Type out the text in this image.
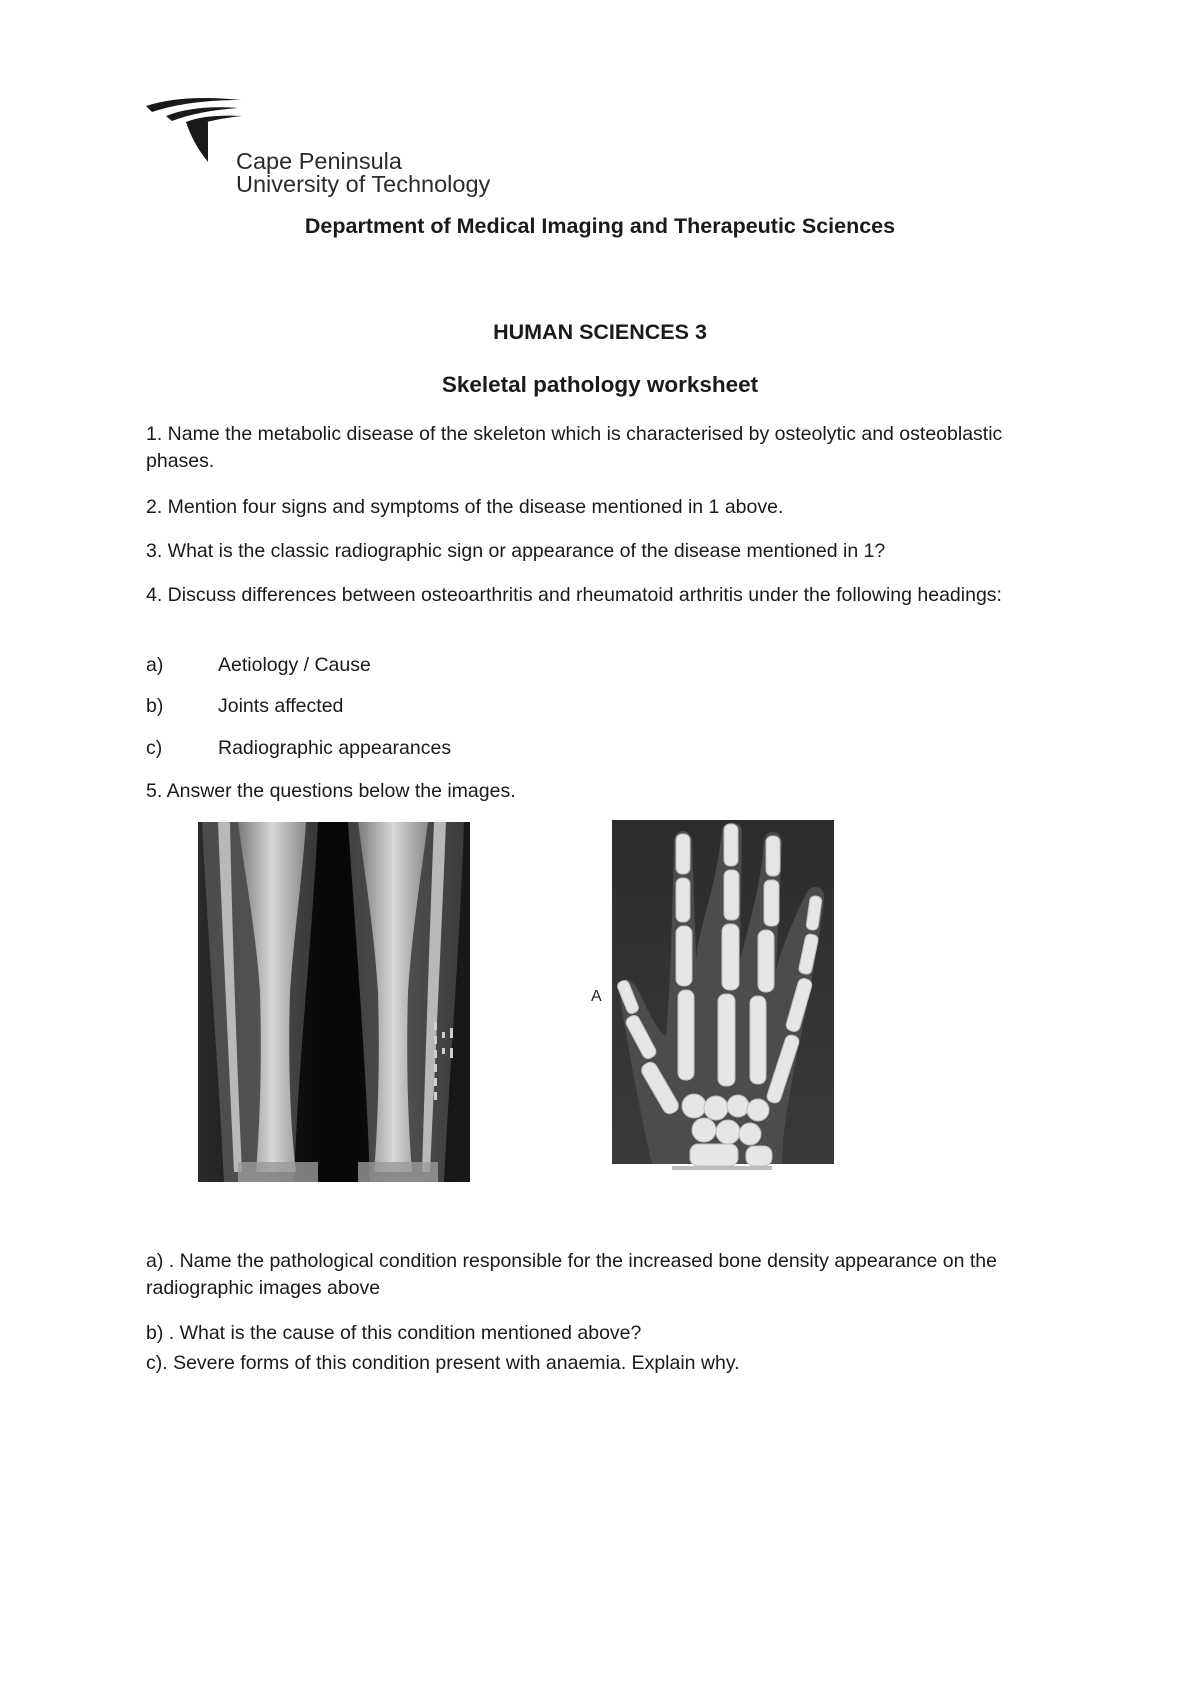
Cape Peninsula
University of Technology
Department of Medical Imaging and Therapeutic Sciences
HUMAN SCIENCES 3
Skeletal pathology worksheet
1. Name the metabolic disease of the skeleton which is characterised by osteolytic and osteoblastic phases.
2. Mention four signs and symptoms of the disease mentioned in 1 above.
3. What is the classic radiographic sign or appearance of the disease mentioned in 1?
4. Discuss differences between osteoarthritis and rheumatoid arthritis under the following headings:
a)	Aetiology / Cause
b)	Joints affected
c)	Radiographic appearances
5. Answer the questions below the images.
A
a) . Name the pathological condition responsible for the increased bone density appearance on the radiographic images above
b) . What is the cause of this condition mentioned above?
c). Severe forms of this condition present with anaemia. Explain why.
